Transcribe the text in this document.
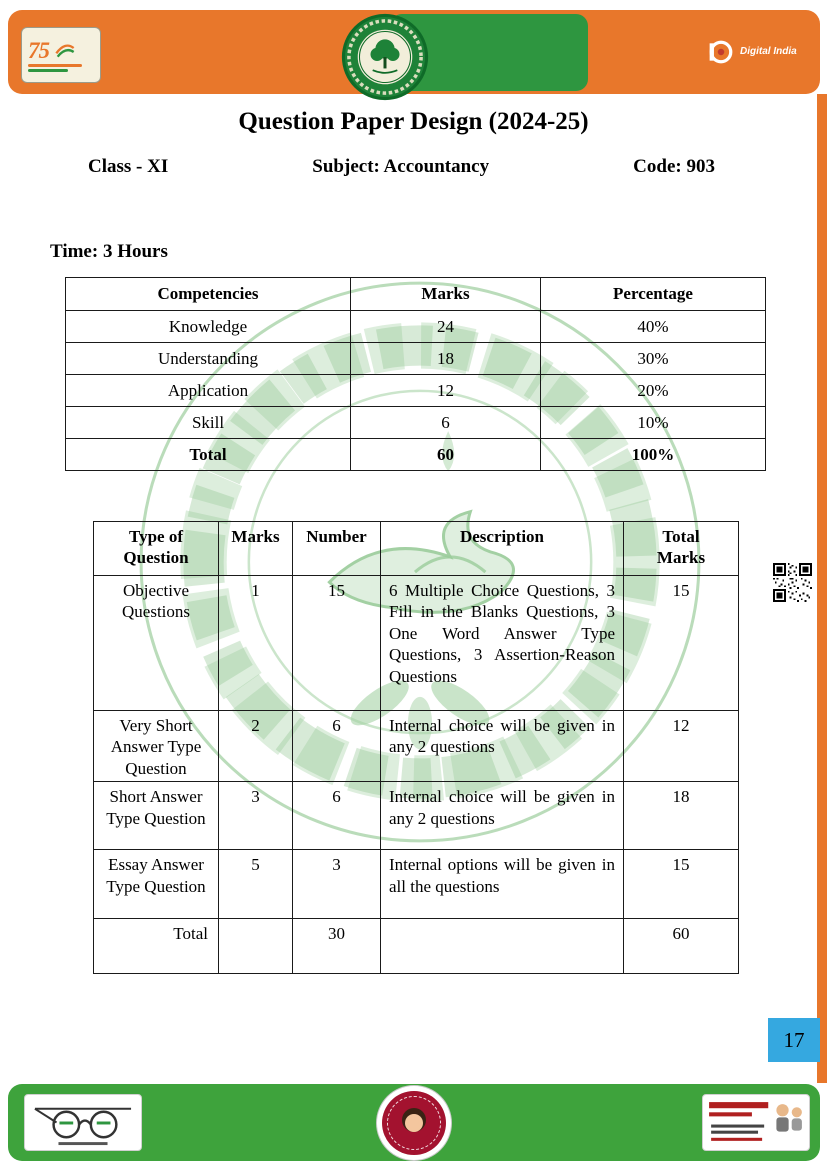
75	Digital India
Question Paper Design (2024-25)
Class - XI	Subject: Accountancy	Code: 903
Time: 3 Hours
Competencies	Marks	Percentage
Knowledge	24	40%
Understanding	18	30%
Application	12	20%
Skill	6	10%
Total	60	100%
Type of Question	Marks	Number	Description	Total Marks
Objective Questions	1	15	6 Multiple Choice Questions, 3 Fill in the Blanks Questions, 3 One Word Answer Type Questions, 3 Assertion-Reason Questions	15
Very Short Answer Type Question	2	6	Internal choice will be given in any 2 questions	12
Short Answer Type Question	3	6	Internal choice will be given in any 2 questions	18
Essay Answer Type Question	5	3	Internal options will be given in all the questions	15
Total		30		60
17
